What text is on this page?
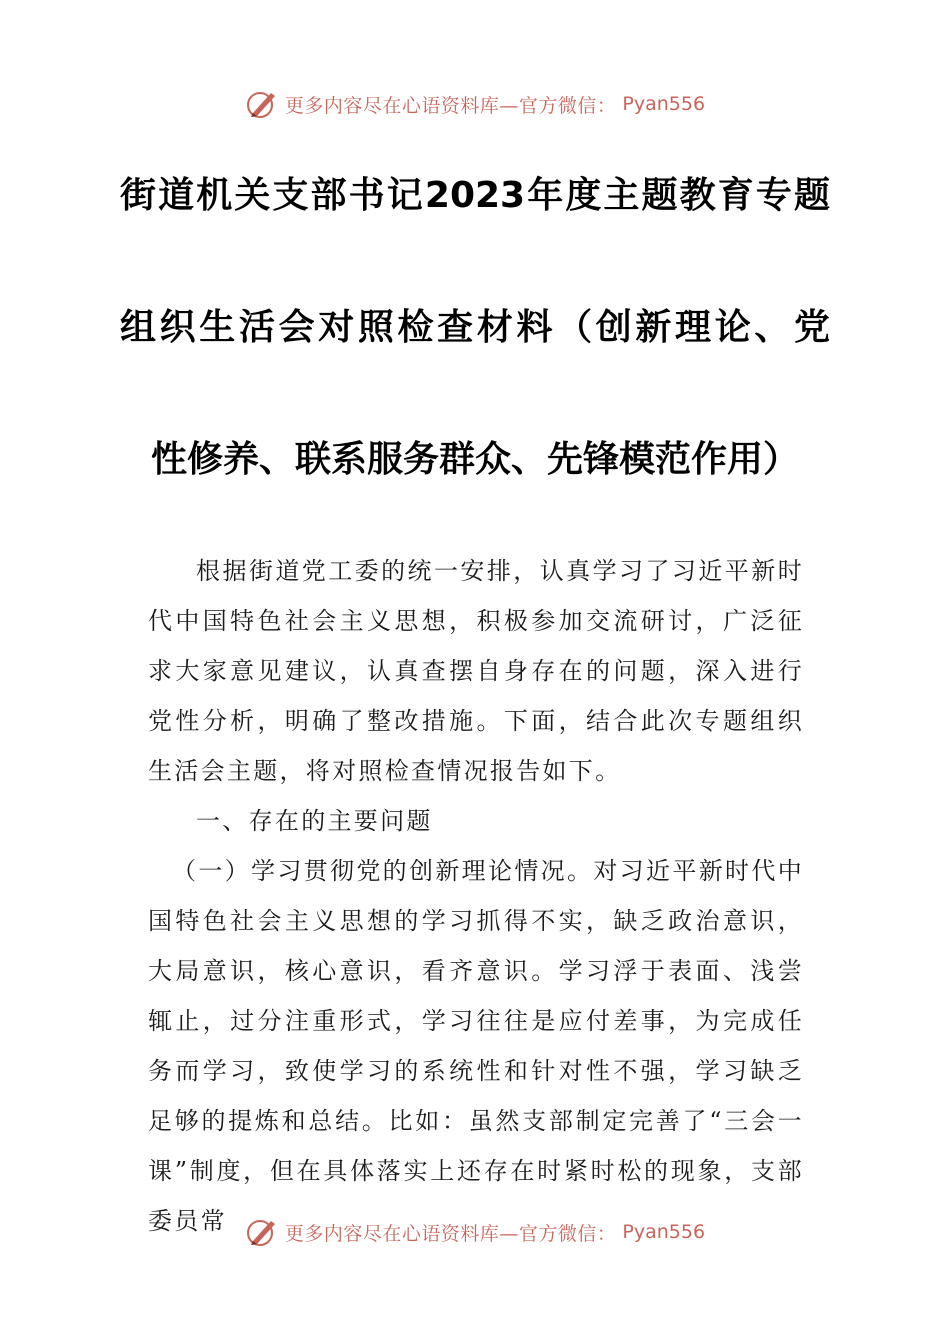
更多内容尽在心语资料库—官方微信： Pyan556
街道机关支部书记2023年度主题教育专题
组织生活会对照检查材料（创新理论、党
性修养、联系服务群众、先锋模范作用）

根据街道党工委的统一安排，认真学习了习近平新时代中国特色社会主义思想，积极参加交流研讨，广泛征求大家意见建议，认真查摆自身存在的问题，深入进行党性分析，明确了整改措施。下面，结合此次专题组织生活会主题，将对照检查情况报告如下。

一、存在的主要问题

（一）学习贯彻党的创新理论情况。对习近平新时代中国特色社会主义思想的学习抓得不实，缺乏政治意识，大局意识，核心意识，看齐意识。学习浮于表面、浅尝辄止，过分注重形式，学习往往是应付差事，为完成任务而学习，致使学习的系统性和针对性不强，学习缺乏足够的提炼和总结。比如：虽然支部制定完善了“三会一课”制度，但在具体落实上还存在时紧时松的现象，支部委员常	更多内容尽在心语资料库—官方微信： Pyan556
